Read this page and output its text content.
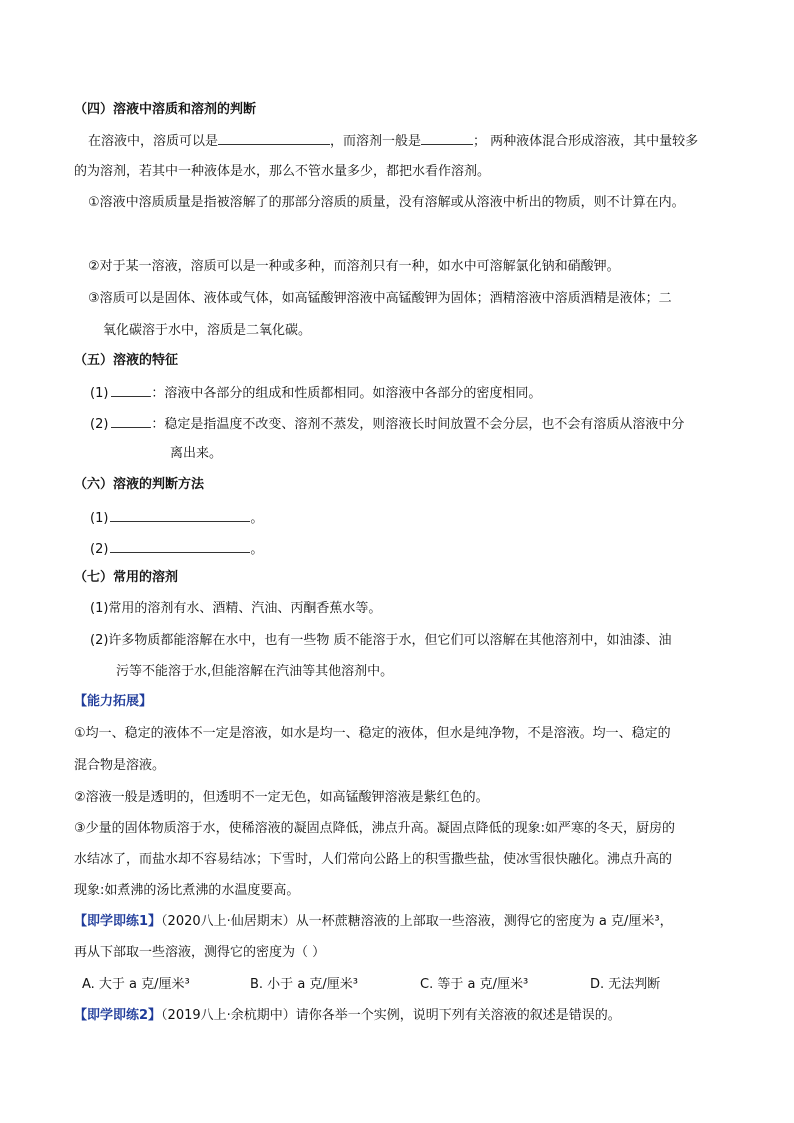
（四）溶液中溶质和溶剂的判断
在溶液中，溶质可以是	，而溶剂一般是	； 两种液体混合形成溶液，其中量较多
的为溶剂，若其中一种液体是水，那么不管水量多少，都把水看作溶剂。
①溶液中溶质质量是指被溶解了的那部分溶质的质量，没有溶解或从溶液中析出的物质，则不计算在内。
②对于某一溶液，溶质可以是一种或多种，而溶剂只有一种，如水中可溶解氯化钠和硝酸钾。
③溶质可以是固体、液体或气体，如高锰酸钾溶液中高锰酸钾为固体；酒精溶液中溶质酒精是液体；二
氧化碳溶于水中，溶质是二氧化碳。
（五）溶液的特征
(1)	：溶液中各部分的组成和性质都相同。如溶液中各部分的密度相同。
(2)	：稳定是指温度不改变、溶剂不蒸发，则溶液长时间放置不会分层，也不会有溶质从溶液中分
离出来。
（六）溶液的判断方法
(1)	。
(2)	。
（七）常用的溶剂
(1)常用的溶剂有水、酒精、汽油、丙酮香蕉水等。
(2)许多物质都能溶解在水中，也有一些物 质不能溶于水，但它们可以溶解在其他溶剂中，如油漆、油
污等不能溶于水,但能溶解在汽油等其他溶剂中。
【能力拓展】
①均一、稳定的液体不一定是溶液，如水是均一、稳定的液体，但水是纯净物，不是溶液。均一、稳定的
混合物是溶液。
②溶液一般是透明的，但透明不一定无色，如高锰酸钾溶液是紫红色的。
③少量的固体物质溶于水，使稀溶液的凝固点降低，沸点升高。凝固点降低的现象:如严寒的冬天，厨房的
水结冰了，而盐水却不容易结冰；下雪时，人们常向公路上的积雪撒些盐，使冰雪很快融化。沸点升高的
现象:如煮沸的汤比煮沸的水温度要高。
【即学即练1】（2020八上·仙居期末）从一杯蔗糖溶液的上部取一些溶液，测得它的密度为 a 克/厘米³，
再从下部取一些溶液，测得它的密度为（ ）
A. 大于 a 克/厘米³	B. 小于 a 克/厘米³	C. 等于 a 克/厘米³	D. 无法判断
【即学即练2】（2019八上·余杭期中）请你各举一个实例，说明下列有关溶液的叙述是错误的。
